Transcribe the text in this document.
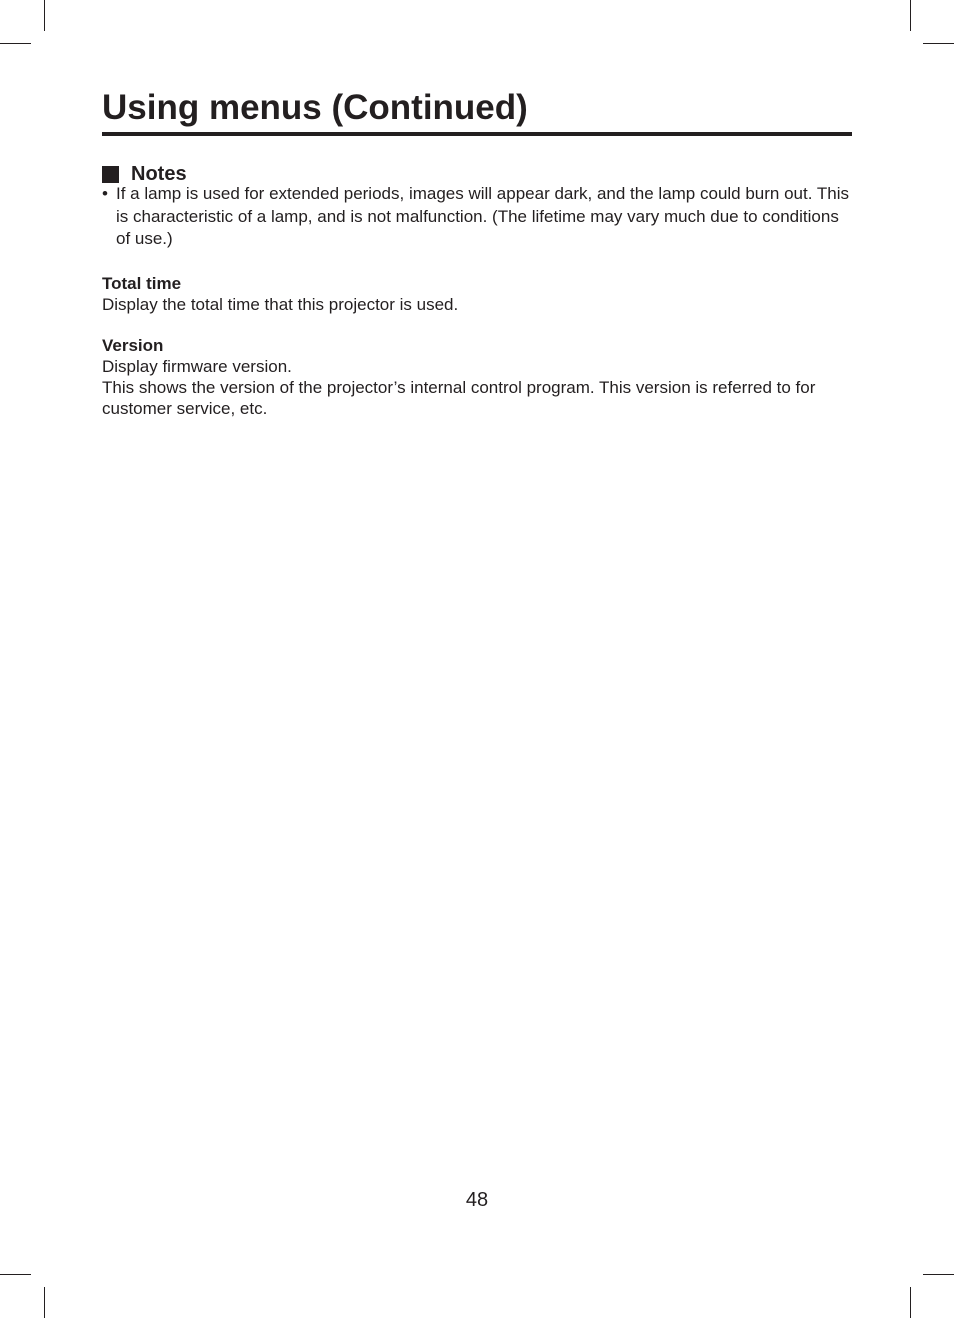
Using menus (Continued)
Notes
• If a lamp is used for extended periods, images will appear dark, and the lamp could burn out. This is characteristic of a lamp, and is not malfunction. (The lifetime may vary much due to conditions of use.)
Total time

Display the total time that this projector is used.

Version

Display firmware version.

This shows the version of the projector’s internal control program. This version is referred to for customer service, etc.

48
